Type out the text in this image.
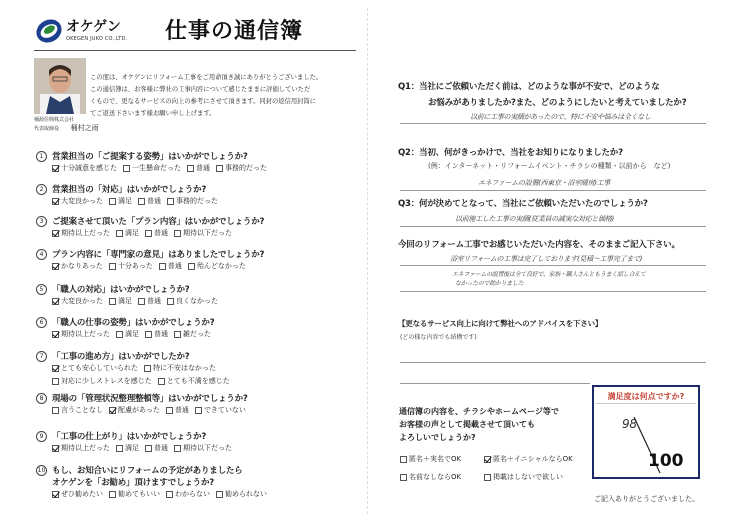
オケゲン
OKEGEN JUKO CO.,LTD. 仕事の通信簿
桶源住興株式会社
代表取締役 桶村之雨
この度は、オケゲンにリフォーム工事をご用命頂き誠にありがとうございました。
この通信簿は、お客様に弊社の工事内容について感じたままに評価していただ
くもので、更なるサービスの向上の参考にさせて頂きます。同封の返信用封筒に
てご返送下さいます様お願い申し上げます。
1	営業担当の「ご提案する姿勢」はいかがでしょうか?
十分誠意を感じた 一生懸命だった 普通 事務的だった
2	営業担当の「対応」はいかがでしょうか?
大変良かった 満足 普通 事務的だった
3	ご提案させて頂いた「プラン内容」はいかがでしょうか?
期待以上だった 満足 普通 期待以下だった
4	プラン内容に「専門家の意見」はありましたでしょうか?
かなりあった 十分あった 普通 殆んどなかった
5	「職人の対応」はいかがでしょうか?
大変良かった 満足 普通 良くなかった
6	「職人の仕事の姿勢」はいかがでしょうか?
期待以上だった 満足 普通 雑だった
7	「工事の進め方」はいかがでしたか?
とても安心していられた 特に不安はなかった
対応に少しストレスを感じた とても不満を感じた
8	現場の「管理状況整理整頓等」はいかがでしょうか?
言うことなし 配慮があった 普通 できていない
9	「工事の仕上がり」はいかがでしょうか?
期待以上だった 満足 普通 期待以下だった
10 もし、お知合いにリフォームの予定がありましたら
オケゲンを「お勧め」頂けますでしょうか?
ぜひ勧めたい 勧めてもいい わからない 勧められない
Q1：当社にご依頼いただく前は、どのような事が不安で、どのような
お悩みがありましたか?また、どのようにしたいと考えていましたか?
以前に工事の実績があったので、特に不安や悩みは全くなし
Q2：当初、何がきっかけで、当社をお知りになりましたか?
(例：インターネット・リフォームイベント・チラシの種類・以前から　など)
エネファームの設置(西東京・浴室暖房)工事
Q3：何が決めてとなって、当社にご依頼いただいたのでしょうか?
以前施工した工事の実績(従業員の誠実な対応と価格)
今回のリフォーム工事でお感じいただいた内容を、そのままご記入下さい。
浴室リフォームの工事は完了しております(見積〜工事完了まで)
エネファームの設置後は全て良好で、家族・職人さんともうまく話し合えて
なかったので助かりました
【更なるサービス向上に向けて弊社へのアドバイスを下さい】
(どの様な内容でも結構です)
満足度は何点ですか?
98
100
通信簿の内容を、チラシやホームページ等で
お客様の声として掲載させて頂いても
よろしいでしょうか?
匿名＋実名でOK	匿名＋イニシャルならOK
名前なしならOK	掲載はしないで欲しい
ご記入ありがとうございました。
